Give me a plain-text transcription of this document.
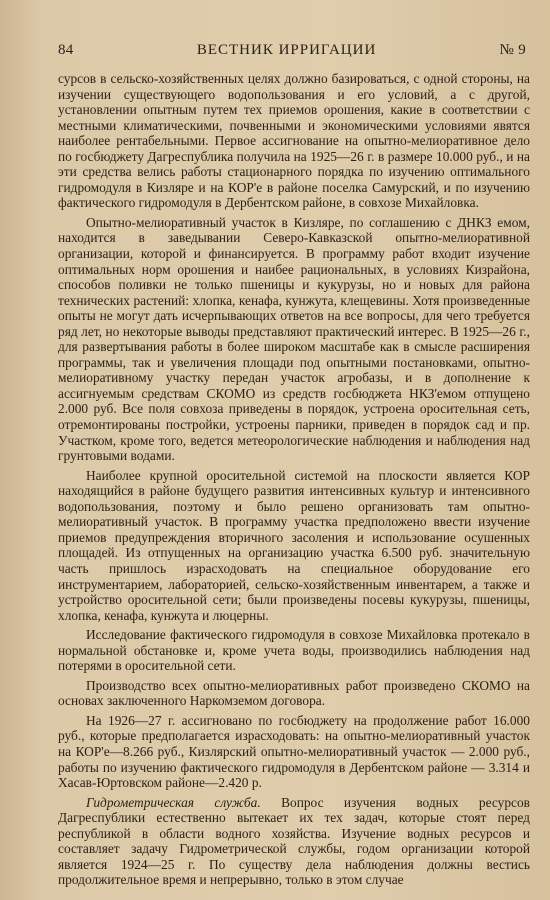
84	ВЕСТНИК ИРРИГАЦИИ	№ 9

сурсов в сельско-хозяйственных целях должно базироваться, с одной стороны, на изучении существующего водопользования и его условий, а с другой, установлении опытным путем тех приемов орошения, какие в соответствии с местными климатическими, почвенными и экономическими условиями явятся наиболее рентабельными. Первое ассигнование на опытно-мелиоративное дело по госбюджету Дагреспублика получила на 1925—26 г. в размере 10.000 руб., и на эти средства велись работы стационарного порядка по изучению оптимального гидромодуля в Кизляре и на КОР'е в районе поселка Самурский, и по изучению фактического гидромодуля в Дербентском районе, в совхозе Михайловка.

Опытно-мелиоративный участок в Кизляре, по соглашению с ДНКЗ емом, находится в заведывании Северо-Кавказской опытно-мелиоративной организации, которой и финансируется. В программу работ входит изучение оптимальных норм орошения и наибее рациональных, в условиях Кизрайона, способов поливки не только пшеницы и кукурузы, но и новых для района технических растений: хлопка, кенафа, кунжута, клещевины. Хотя произведенные опыты не могут дать исчерпывающих ответов на все вопросы, для чего требуется ряд лет, но некоторые выводы представляют практический интерес. В 1925—26 г., для развертывания работы в более широком масштабе как в смысле расширения программы, так и увеличения площади под опытными постановками, опытно-мелиоративному участку передан участок агробазы, и в дополнение к ассигнуемым средствам СКОМО из средств госбюджета НКЗ'емом отпущено 2.000 руб. Все поля совхоза приведены в порядок, устроена оросительная сеть, отремонтированы постройки, устроены парники, приведен в порядок сад и пр. Участком, кроме того, ведется метеорологические наблюдения и наблюдения над грунтовыми водами.

Наиболее крупной оросительной системой на плоскости является КОР находящийся в районе будущего развития интенсивных культур и интенсивного водопользования, поэтому и было решено организовать там опытно-мелиоративный участок. В программу участка предположено ввести изучение приемов предупреждения вторичного засоления и использование осушенных площадей. Из отпущенных на организацию участка 6.500 руб. значительную часть пришлось израсходовать на специальное оборудование его инструментарием, лабораторией, сельско-хозяйственным инвентарем, а также и устройство оросительной сети; были произведены посевы кукурузы, пшеницы, хлопка, кенафа, кунжута и люцерны.

Исследование фактического гидромодуля в совхозе Михайловка протекало в нормальной обстановке и, кроме учета воды, производились наблюдения над потерями в оросительной сети.

Производство всех опытно-мелиоративных работ произведено СКОМО на основах заключенного Наркомземом договора.

На 1926—27 г. ассигновано по госбюджету на продолжение работ 16.000 руб., которые предполагается израсходовать: на опытно-мелиоративный участок на КОР'е—8.266 руб., Кизлярский опытно-мелиоративный участок — 2.000 руб., работы по изучению фактического гидромодуля в Дербентском районе — 3.314 и Хасав-Юртовском районе—2.420 р.

Гидрометрическая служба. Вопрос изучения водных ресурсов Дагреспублики естественно вытекает их тех задач, которые стоят перед республикой в области водного хозяйства. Изучение водных ресурсов и составляет задачу Гидрометрической службы, годом организации которой является 1924—25 г. По существу дела наблюдения должны вестись продолжительное время и непрерывно, только в этом случае
